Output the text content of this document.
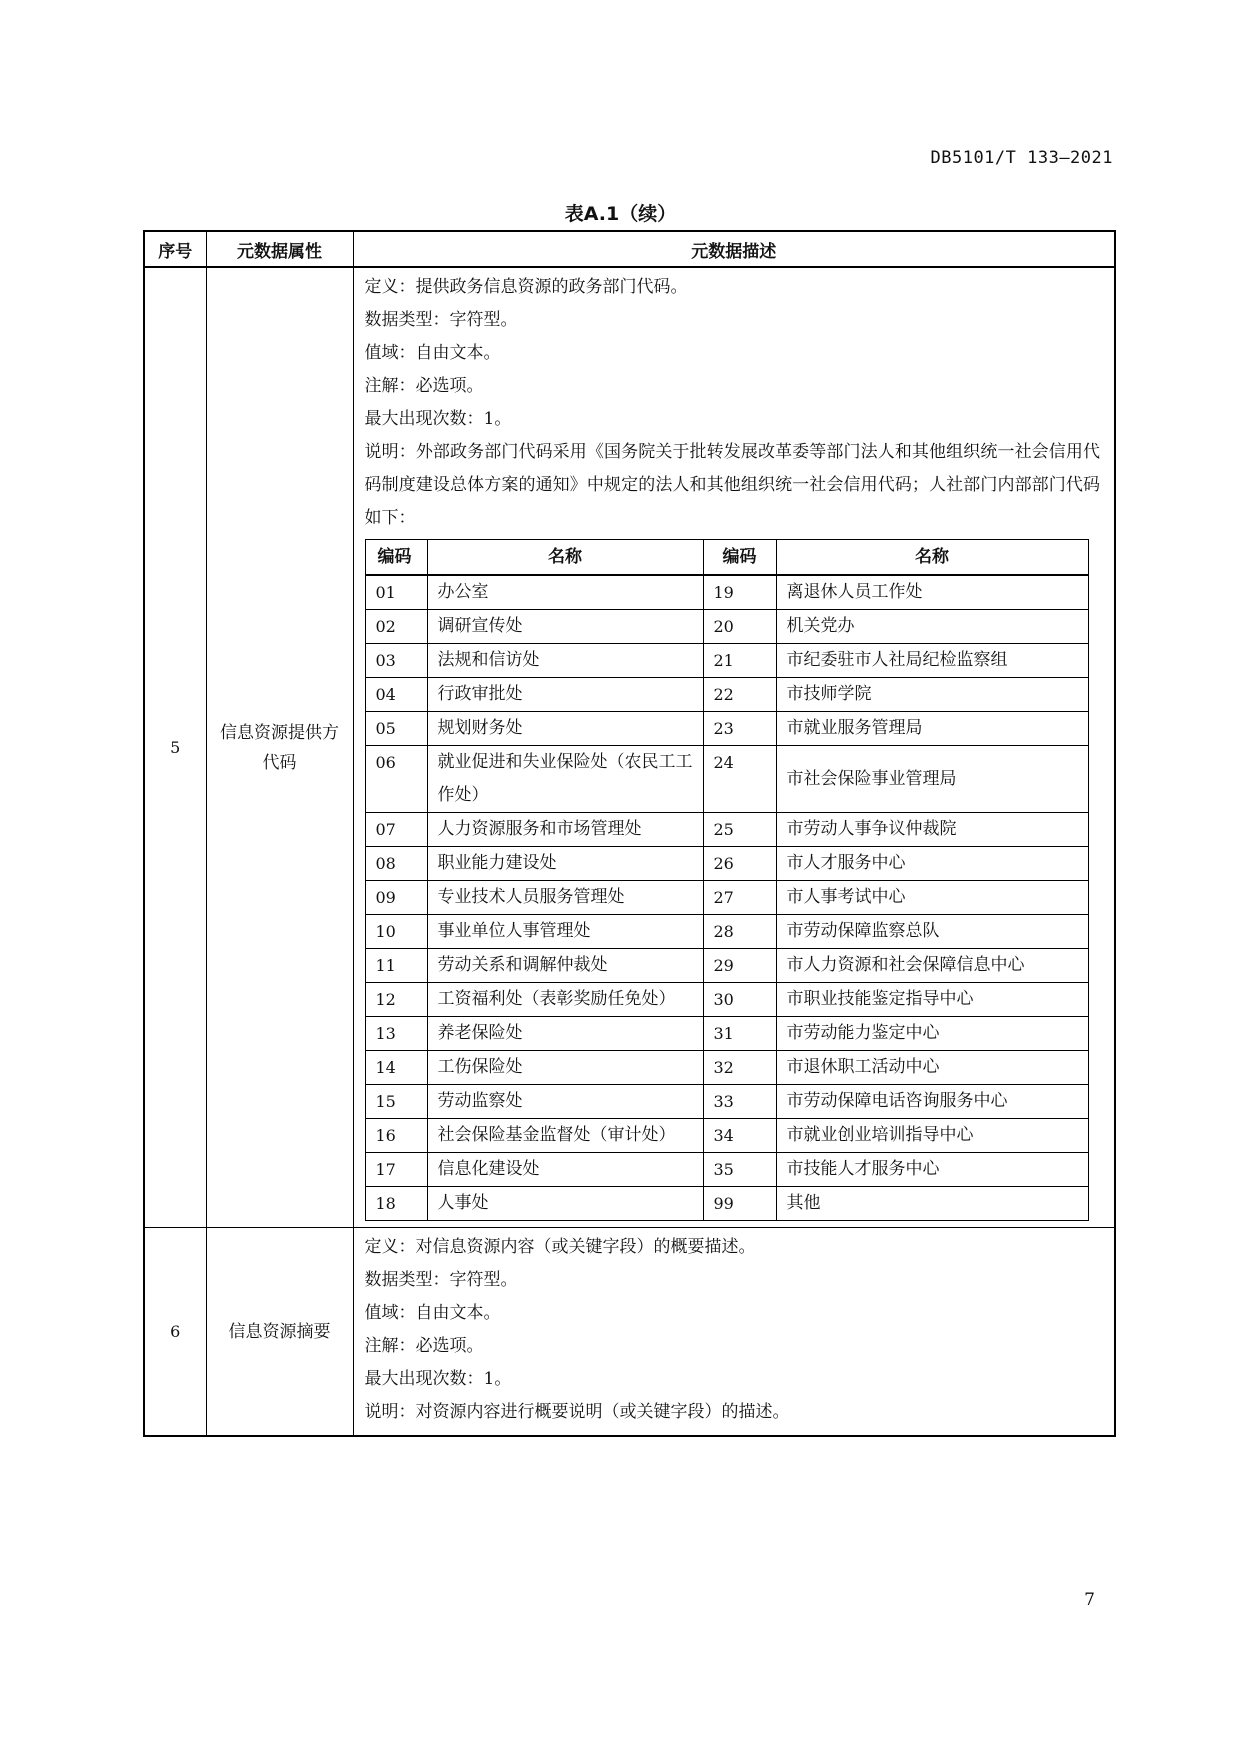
DB5101/T 133—2021
表A.1（续）
序号	元数据属性	元数据描述
5	信息资源提供方代码	
定义：提供政务信息资源的政务部门代码。
数据类型：字符型。
值域：自由文本。
注解：必选项。
最大出现次数：1。
说明：外部政务部门代码采用《国务院关于批转发展改革委等部门法人和其他组织统一社会信用代码制度建设总体方案的通知》中规定的法人和其他组织统一社会信用代码；人社部门内部部门代码如下：
编码	名称	编码	名称
01	办公室	19	离退休人员工作处
02	调研宣传处	20	机关党办
03	法规和信访处	21	市纪委驻市人社局纪检监察组
04	行政审批处	22	市技师学院
05	规划财务处	23	市就业服务管理局
06	就业促进和失业保险处（农民工工作处）	24	市社会保险事业管理局
07	人力资源服务和市场管理处	25	市劳动人事争议仲裁院
08	职业能力建设处	26	市人才服务中心
09	专业技术人员服务管理处	27	市人事考试中心
10	事业单位人事管理处	28	市劳动保障监察总队
11	劳动关系和调解仲裁处	29	市人力资源和社会保障信息中心
12	工资福利处（表彰奖励任免处）	30	市职业技能鉴定指导中心
13	养老保险处	31	市劳动能力鉴定中心
14	工伤保险处	32	市退休职工活动中心
15	劳动监察处	33	市劳动保障电话咨询服务中心
16	社会保险基金监督处（审计处）	34	市就业创业培训指导中心
17	信息化建设处	35	市技能人才服务中心
18	人事处	99	其他

6	信息资源摘要	
定义：对信息资源内容（或关键字段）的概要描述。
数据类型：字符型。
值域：自由文本。
注解：必选项。
最大出现次数：1。
说明：对资源内容进行概要说明（或关键字段）的描述。
7
